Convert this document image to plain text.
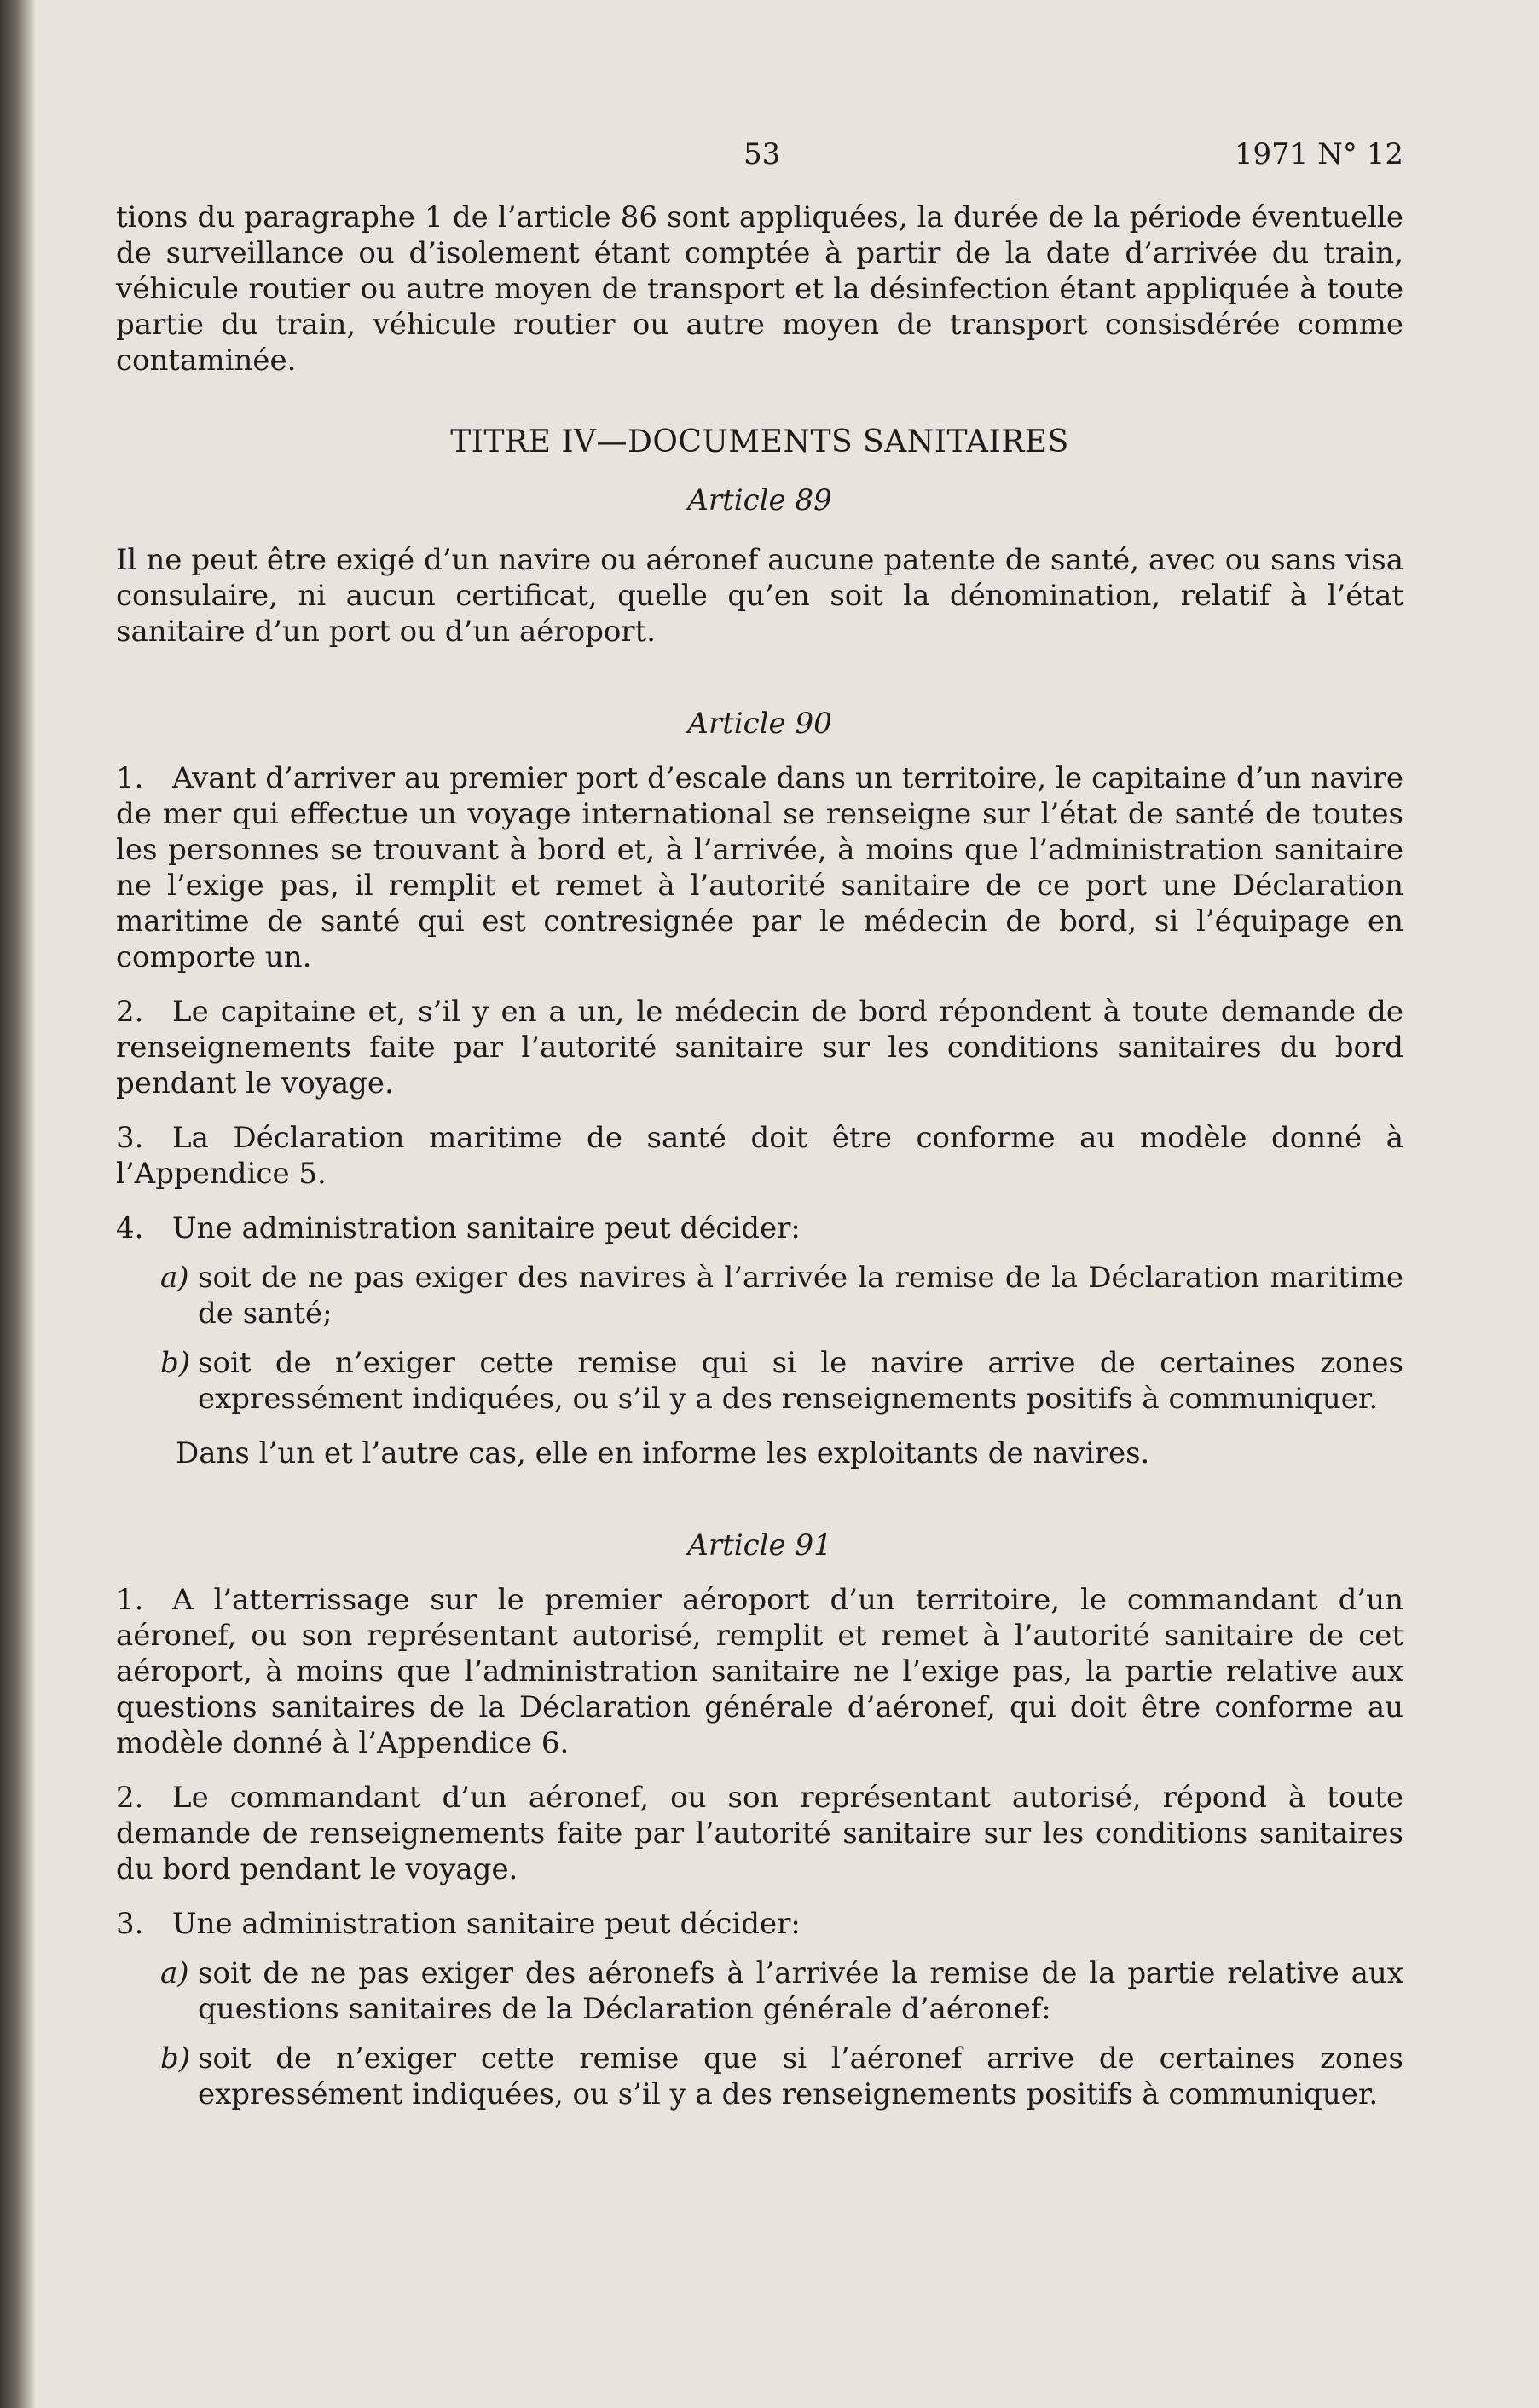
53	1971 N° 12

tions du paragraphe 1 de l’article 86 sont appliquées, la durée de la période éventuelle de surveillance ou d’isolement étant comptée à partir de la date d’arrivée du train, véhicule routier ou autre moyen de transport et la désinfection étant appliquée à toute partie du train, véhicule routier ou autre moyen de transport consisdérée comme contaminée.

TITRE IV—DOCUMENTS SANITAIRES
Article 89

Il ne peut être exigé d’un navire ou aéronef aucune patente de santé, avec ou sans visa consulaire, ni aucun certificat, quelle qu’en soit la dénomination, relatif à l’état sanitaire d’un port ou d’un aéroport.

Article 90

1. Avant d’arriver au premier port d’escale dans un territoire, le capitaine d’un navire de mer qui effectue un voyage international se renseigne sur l’état de santé de toutes les personnes se trouvant à bord et, à l’arrivée, à moins que l’administration sanitaire ne l’exige pas, il remplit et remet à l’autorité sanitaire de ce port une Déclaration maritime de santé qui est contresignée par le médecin de bord, si l’équipage en comporte un.

2. Le capitaine et, s’il y en a un, le médecin de bord répondent à toute demande de renseignements faite par l’autorité sanitaire sur les conditions sanitaires du bord pendant le voyage.

3. La Déclaration maritime de santé doit être conforme au modèle donné à l’Appendice 5.

4. Une administration sanitaire peut décider:

a) soit de ne pas exiger des navires à l’arrivée la remise de la Déclaration maritime de santé;

b) soit de n’exiger cette remise qui si le navire arrive de certaines zones expressément indiquées, ou s’il y a des renseignements positifs à communiquer.

Dans l’un et l’autre cas, elle en informe les exploitants de navires.

Article 91

1. A l’atterrissage sur le premier aéroport d’un territoire, le commandant d’un aéronef, ou son représentant autorisé, remplit et remet à l’autorité sanitaire de cet aéroport, à moins que l’administration sanitaire ne l’exige pas, la partie relative aux questions sanitaires de la Déclaration générale d’aéronef, qui doit être conforme au modèle donné à l’Appendice 6.

2. Le commandant d’un aéronef, ou son représentant autorisé, répond à toute demande de renseignements faite par l’autorité sanitaire sur les conditions sanitaires du bord pendant le voyage.

3. Une administration sanitaire peut décider:

a) soit de ne pas exiger des aéronefs à l’arrivée la remise de la partie relative aux questions sanitaires de la Déclaration générale d’aéronef:

b) soit de n’exiger cette remise que si l’aéronef arrive de certaines zones expressément indiquées, ou s’il y a des renseignements positifs à communiquer.
